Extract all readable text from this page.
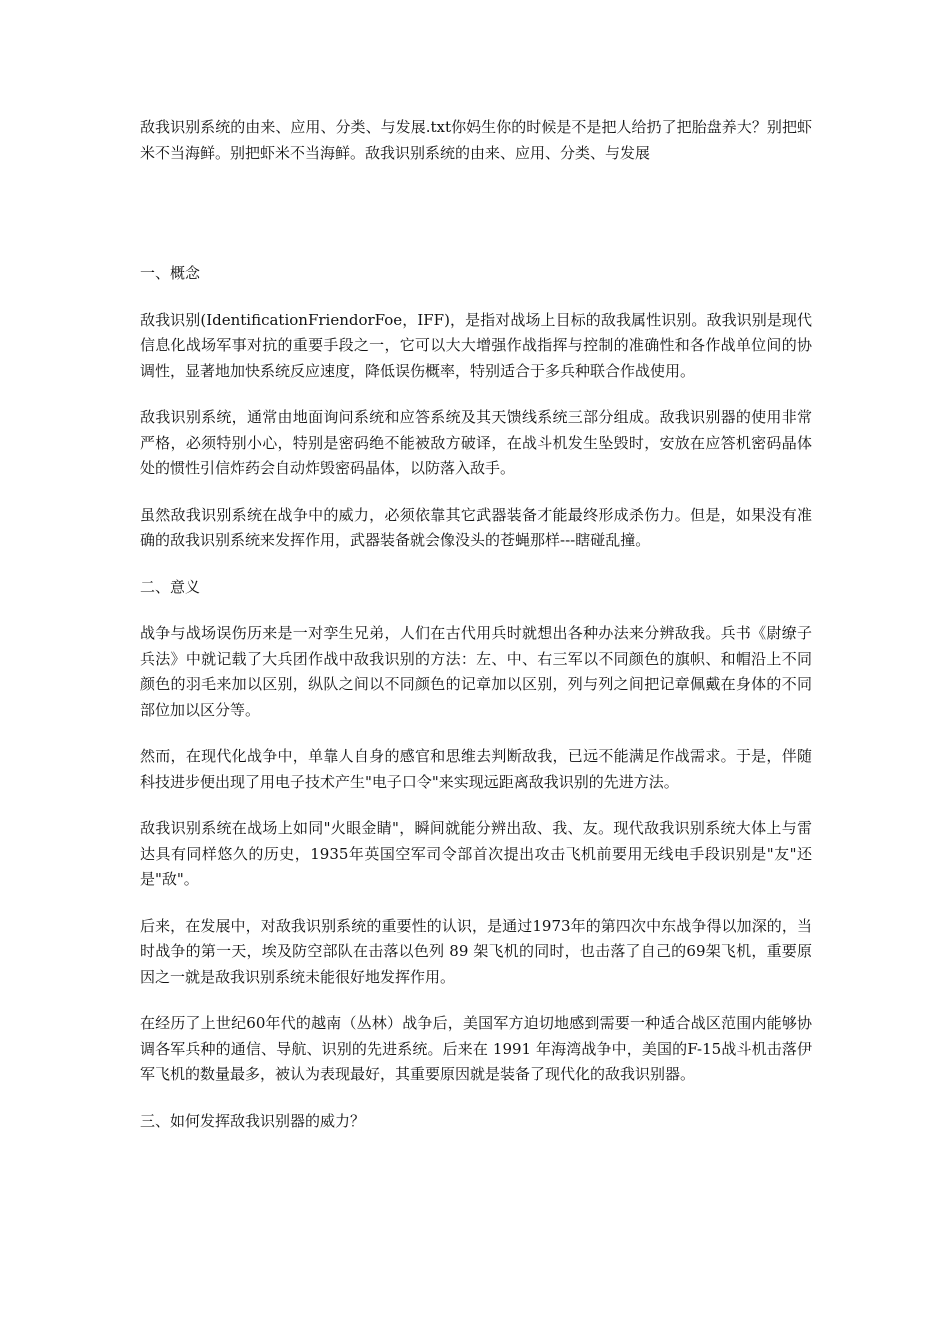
敌我识别系统的由来、应用、分类、与发展.txt你妈生你的时候是不是把人给扔了把胎盘养大？别把虾米不当海鲜。别把虾米不当海鲜。敌我识别系统的由来、应用、分类、与发展

一、概念

敌我识别(IdentificationFriendorFoe，IFF)，是指对战场上目标的敌我属性识别。敌我识别是现代信息化战场军事对抗的重要手段之一，它可以大大增强作战指挥与控制的准确性和各作战单位间的协调性，显著地加快系统反应速度，降低误伤概率，特别适合于多兵种联合作战使用。

敌我识别系统，通常由地面询问系统和应答系统及其天馈线系统三部分组成。敌我识别器的使用非常严格，必须特别小心，特别是密码绝不能被敌方破译，在战斗机发生坠毁时，安放在应答机密码晶体处的惯性引信炸药会自动炸毁密码晶体，以防落入敌手。

虽然敌我识别系统在战争中的威力，必须依靠其它武器装备才能最终形成杀伤力。但是，如果没有准确的敌我识别系统来发挥作用，武器装备就会像没头的苍蝇那样---瞎碰乱撞。

二、意义

战争与战场误伤历来是一对孪生兄弟，人们在古代用兵时就想出各种办法来分辨敌我。兵书《尉缭子兵法》中就记载了大兵团作战中敌我识别的方法：左、中、右三军以不同颜色的旗帜、和帽沿上不同颜色的羽毛来加以区别，纵队之间以不同颜色的记章加以区别，列与列之间把记章佩戴在身体的不同部位加以区分等。

然而，在现代化战争中，单靠人自身的感官和思维去判断敌我，已远不能满足作战需求。于是，伴随科技进步便出现了用电子技术产生"电子口令"来实现远距离敌我识别的先进方法。

敌我识别系统在战场上如同"火眼金睛"，瞬间就能分辨出敌、我、友。现代敌我识别系统大体上与雷达具有同样悠久的历史，1935年英国空军司令部首次提出攻击飞机前要用无线电手段识别是"友"还是"敌"。

后来，在发展中，对敌我识别系统的重要性的认识，是通过1973年的第四次中东战争得以加深的，当时战争的第一天，埃及防空部队在击落以色列 89 架飞机的同时，也击落了自己的69架飞机，重要原因之一就是敌我识别系统未能很好地发挥作用。

在经历了上世纪60年代的越南（丛林）战争后，美国军方迫切地感到需要一种适合战区范围内能够协调各军兵种的通信、导航、识别的先进系统。后来在 1991 年海湾战争中，美国的F-15战斗机击落伊军飞机的数量最多，被认为表现最好，其重要原因就是装备了现代化的敌我识别器。

三、如何发挥敌我识别器的威力？
